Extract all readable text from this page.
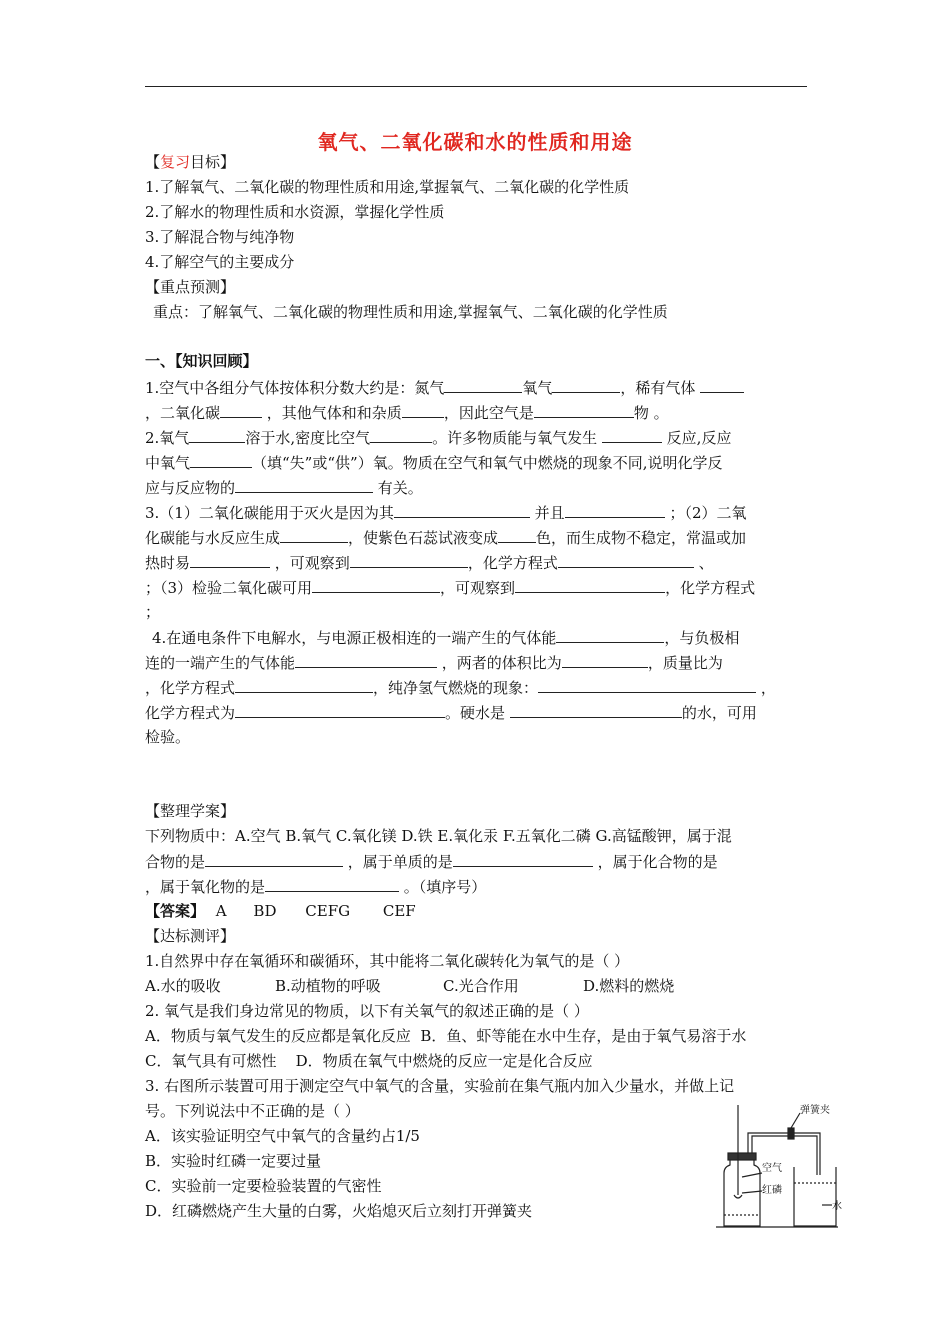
氧气、二氧化碳和水的性质和用途
【复习目标】
1.了解氧气、二氧化碳的物理性质和用途,掌握氧气、二氧化碳的化学性质
2.了解水的物理性质和水资源，掌握化学性质
3.了解混合物与纯净物
4.了解空气的主要成分
【重点预测】
重点：了解氧气、二氧化碳的物理性质和用途,掌握氧气、二氧化碳的化学性质
一、【知识回顾】
1.空气中各组分气体按体积分数大约是：氮气	氧气	，稀有气体
，二氧化碳	，其他气体和和杂质	，因此空气是	物 。
2.氧气	溶于水,密度比空气	。许多物质能与氧气发生	反应,反应
中氧气	（填“失”或“供”）氧。物质在空气和氧气中燃烧的现象不同,说明化学反
应与反应物的	有关。
3.（1）二氧化碳能用于灭火是因为其	并且	；（2）二氧
化碳能与水反应生成	，使紫色石蕊试液变成	色，而生成物不稳定，常温或加
热时易	，可观察到	，化学方程式	、
；（3）检验二氧化碳可用	，可观察到	，化学方程式
；
4.在通电条件下电解水，与电源正极相连的一端产生的气体能	，与负极相
连的一端产生的气体能	，两者的体积比为	，质量比为
，化学方程式	，纯净氢气燃烧的现象：	，
化学方程式为	。硬水是	的水，可用
检验。
【整理学案】
下列物质中：A.空气 B.氧气 C.氧化镁 D.铁 E.氧化汞 F.五氧化二磷 G.高锰酸钾，属于混
合物的是	，属于单质的是	，属于化合物的是
，属于氧化物的是	。（填序号）
【答案】 A BD CEFG CEF
【达标测评】
1.自然界中存在氧循环和碳循环，其中能将二氧化碳转化为氧气的是（ ）
A.水的吸收	B.动植物的呼吸	C.光合作用	D.燃料的燃烧
2. 氧气是我们身边常见的物质，以下有关氧气的叙述正确的是（ ）
A．物质与氧气发生的反应都是氧化反应 B．鱼、虾等能在水中生存，是由于氧气易溶于水
C．氧气具有可燃性 D．物质在氧气中燃烧的反应一定是化合反应
3. 右图所示装置可用于测定空气中氧气的含量，实验前在集气瓶内加入少量水，并做上记
号。下列说法中不正确的是（ ）
A．该实验证明空气中氧气的含量约占1/5
B．实验时红磷一定要过量
C．实验前一定要检验装置的气密性
D．红磷燃烧产生大量的白雾，火焰熄灭后立刻打开弹簧夹
弹簧夹
空气
红磷
水
